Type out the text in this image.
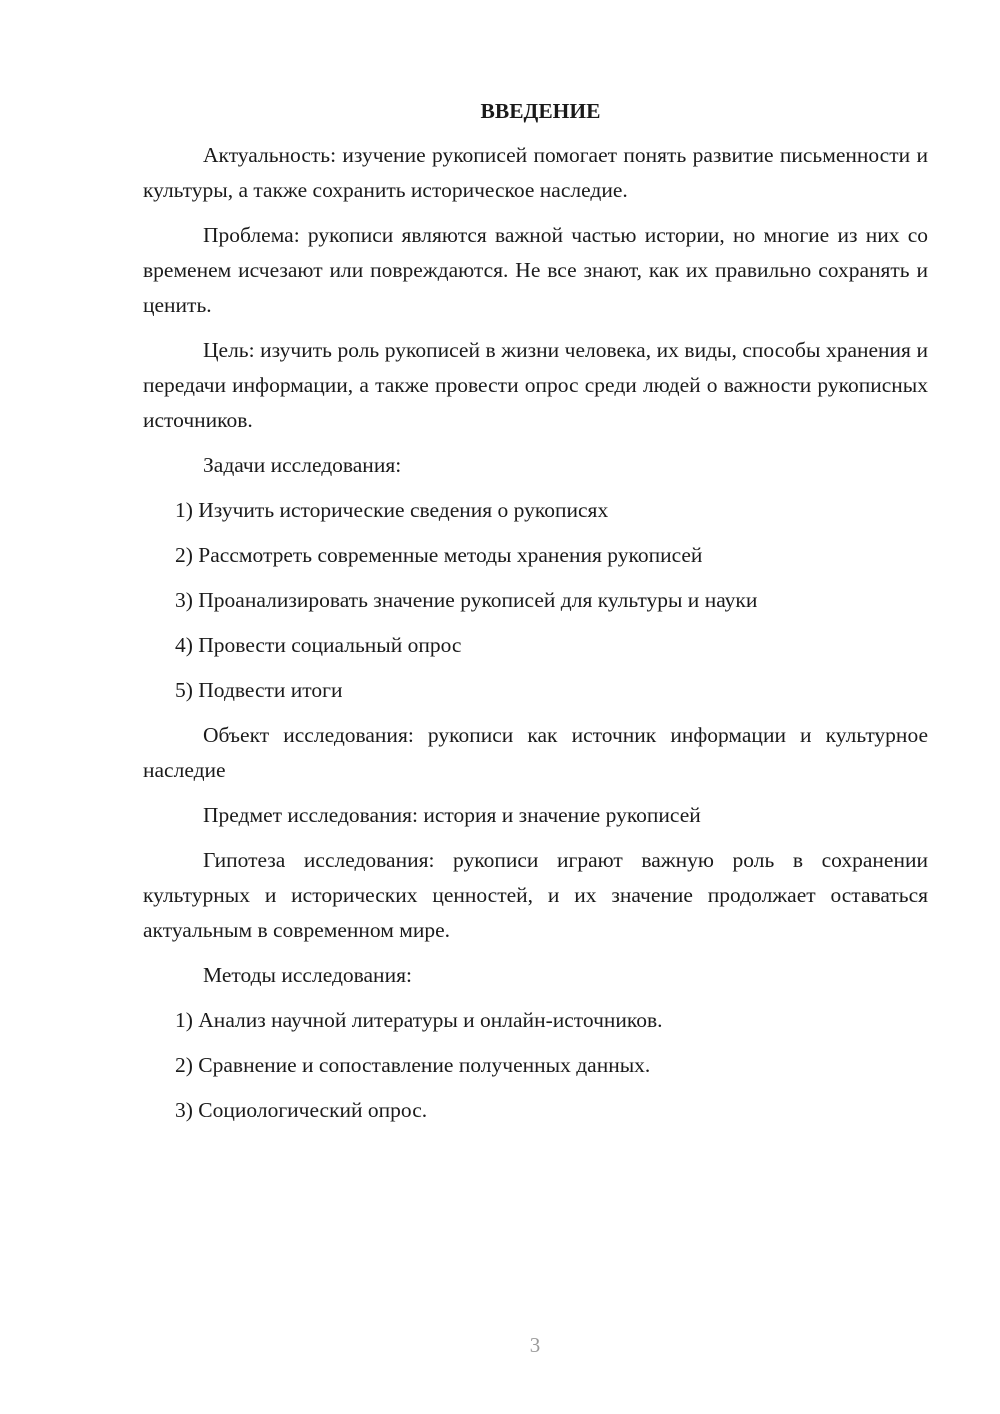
ВВЕДЕНИЕ

Актуальность: изучение рукописей помогает понять развитие письменности и культуры, а также сохранить историческое наследие.

Проблема: рукописи являются важной частью истории, но многие из них со временем исчезают или повреждаются. Не все знают, как их правильно сохранять и ценить.

Цель: изучить роль рукописей в жизни человека, их виды, способы хранения и передачи информации, а также провести опрос среди людей о важности рукописных источников.

Задачи исследования:

1) Изучить исторические сведения о рукописях

2) Рассмотреть современные методы хранения рукописей

3) Проанализировать значение рукописей для культуры и науки

4) Провести социальный опрос

5) Подвести итоги

Объект исследования: рукописи как источник информации и культурное наследие

Предмет исследования: история и значение рукописей

Гипотеза исследования: рукописи играют важную роль в сохранении культурных и исторических ценностей, и их значение продолжает оставаться актуальным в современном мире.

Методы исследования:

1) Анализ научной литературы и онлайн-источников.

2) Сравнение и сопоставление полученных данных.

3) Социологический опрос.

3
